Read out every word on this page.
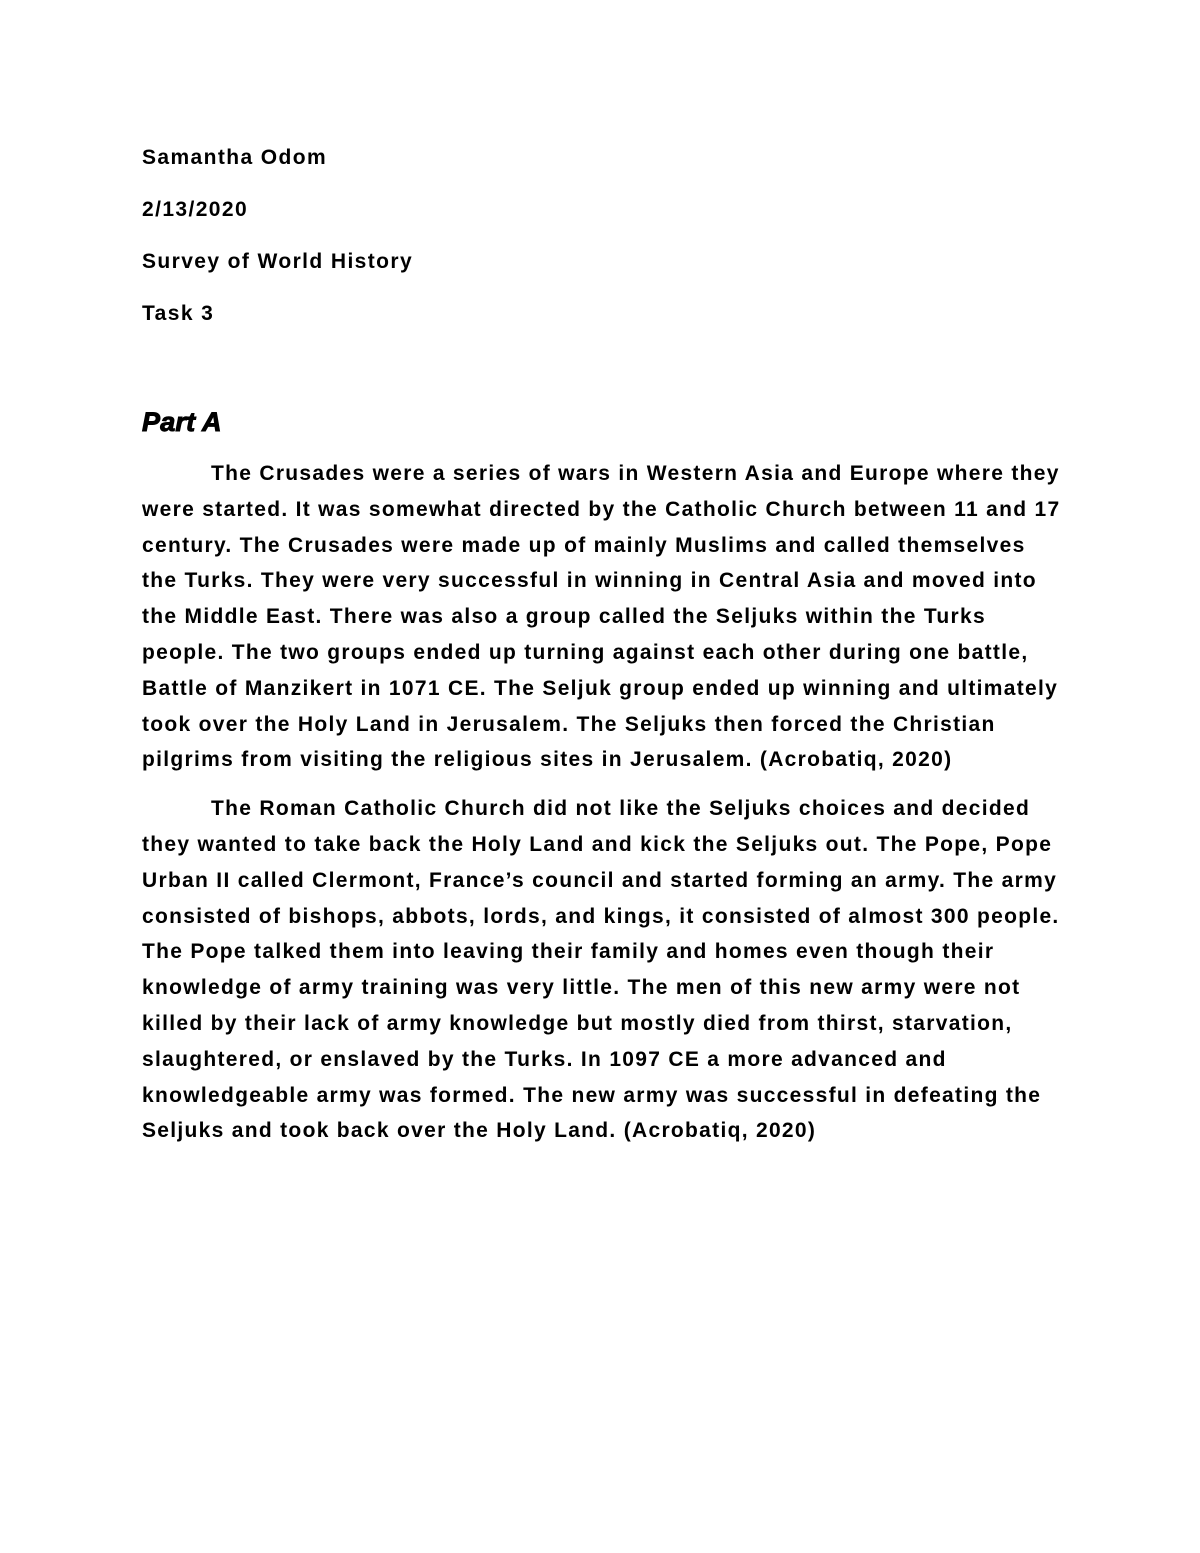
Samantha Odom
2/13/2020
Survey of World History
Task 3
Part A

The Crusades were a series of wars in Western Asia and Europe where they were started. It was somewhat directed by the Catholic Church between 11 and 17 century. The Crusades were made up of mainly Muslims and called themselves the Turks. They were very successful in winning in Central Asia and moved into the Middle East. There was also a group called the Seljuks within the Turks people. The two groups ended up turning against each other during one battle, Battle of Manzikert in 1071 CE. The Seljuk group ended up winning and ultimately took over the Holy Land in Jerusalem. The Seljuks then forced the Christian pilgrims from visiting the religious sites in Jerusalem. (Acrobatiq, 2020)

The Roman Catholic Church did not like the Seljuks choices and decided they wanted to take back the Holy Land and kick the Seljuks out. The Pope, Pope Urban II called Clermont, France’s council and started forming an army. The army consisted of bishops, abbots, lords, and kings, it consisted of almost 300 people. The Pope talked them into leaving their family and homes even though their knowledge of army training was very little. The men of this new army were not killed by their lack of army knowledge but mostly died from thirst, starvation, slaughtered, or enslaved by the Turks. In 1097 CE a more advanced and knowledgeable army was formed. The new army was successful in defeating the Seljuks and took back over the Holy Land. (Acrobatiq, 2020)
